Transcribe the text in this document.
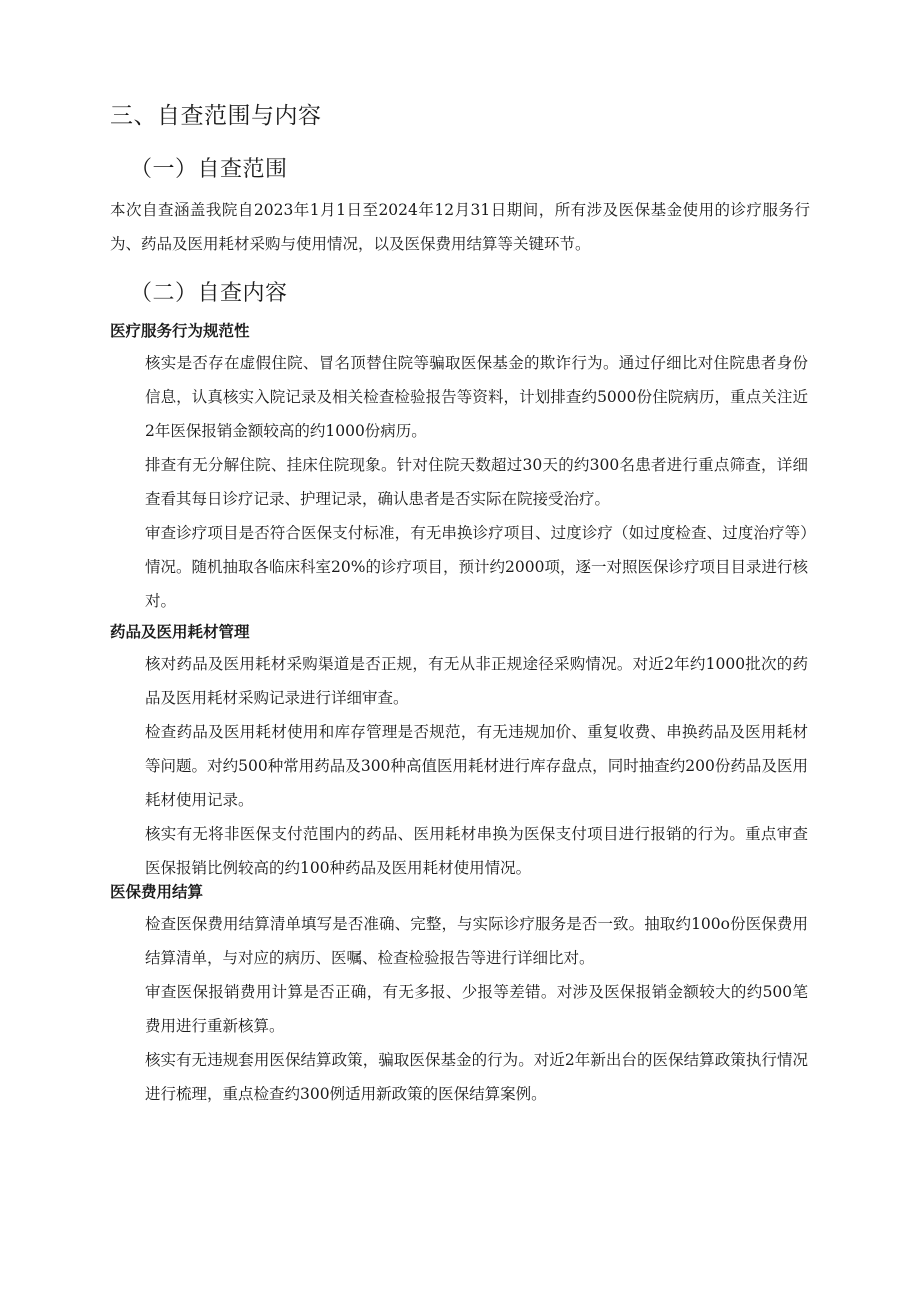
三、自查范围与内容
（一）自查范围

本次自查涵盖我院自2023年1月1日至2024年12月31日期间，所有涉及医保基金使用的诊疗服务行为、药品及医用耗材采购与使用情况，以及医保费用结算等关键环节。

（二）自查内容
医疗服务行为规范性

核实是否存在虚假住院、冒名顶替住院等骗取医保基金的欺诈行为。通过仔细比对住院患者身份信息，认真核实入院记录及相关检查检验报告等资料，计划排查约5000份住院病历，重点关注近2年医保报销金额较高的约1000份病历。

排查有无分解住院、挂床住院现象。针对住院天数超过30天的约300名患者进行重点筛查，详细查看其每日诊疗记录、护理记录，确认患者是否实际在院接受治疗。

审查诊疗项目是否符合医保支付标准，有无串换诊疗项目、过度诊疗（如过度检查、过度治疗等）情况。随机抽取各临床科室20%的诊疗项目，预计约2000项，逐一对照医保诊疗项目目录进行核对。

药品及医用耗材管理

核对药品及医用耗材采购渠道是否正规，有无从非正规途径采购情况。对近2年约1000批次的药品及医用耗材采购记录进行详细审查。

检查药品及医用耗材使用和库存管理是否规范，有无违规加价、重复收费、串换药品及医用耗材等问题。对约500种常用药品及300种高值医用耗材进行库存盘点，同时抽查约200份药品及医用耗材使用记录。

核实有无将非医保支付范围内的药品、医用耗材串换为医保支付项目进行报销的行为。重点审查医保报销比例较高的约100种药品及医用耗材使用情况。

医保费用结算

检查医保费用结算清单填写是否准确、完整，与实际诊疗服务是否一致。抽取约100o份医保费用结算清单，与对应的病历、医嘱、检查检验报告等进行详细比对。

审查医保报销费用计算是否正确，有无多报、少报等差错。对涉及医保报销金额较大的约500笔费用进行重新核算。

核实有无违规套用医保结算政策，骗取医保基金的行为。对近2年新出台的医保结算政策执行情况进行梳理，重点检查约300例适用新政策的医保结算案例。
